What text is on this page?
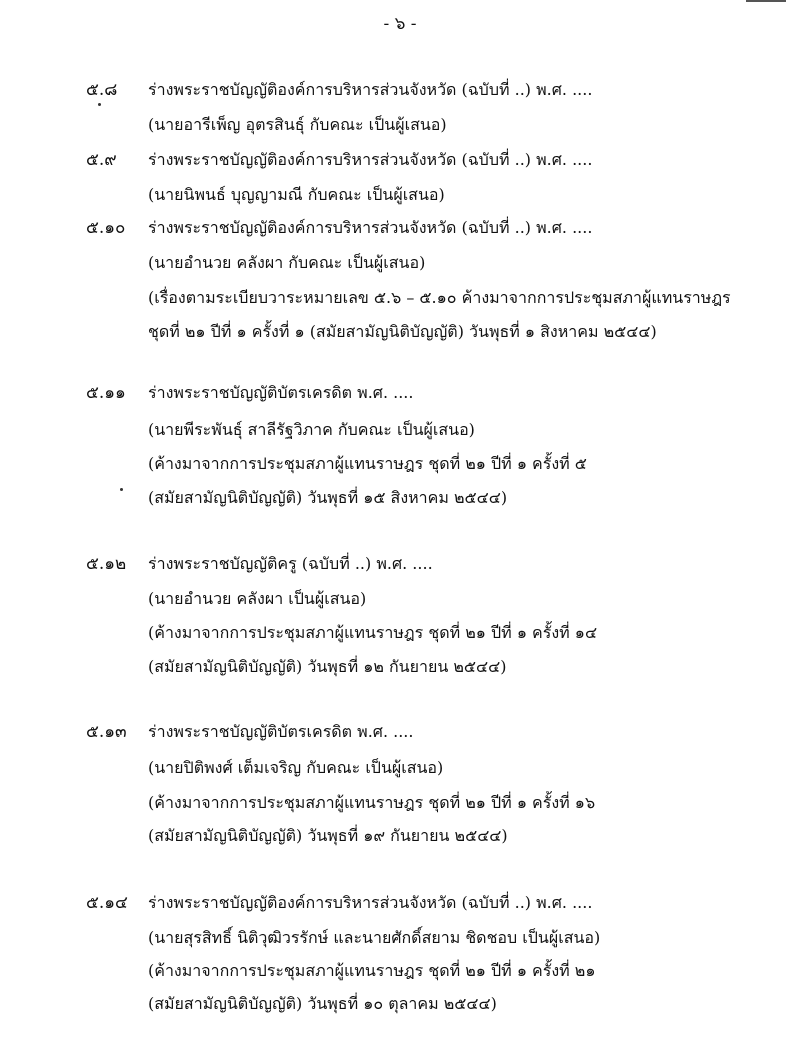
- ๖ -
๕.๘	ร่างพระราชบัญญัติองค์การบริหารส่วนจังหวัด (ฉบับที่ ..) พ.ศ. ....
(นายอารีเพ็ญ อุตรสินธุ์ กับคณะ เป็นผู้เสนอ)
๕.๙	ร่างพระราชบัญญัติองค์การบริหารส่วนจังหวัด (ฉบับที่ ..) พ.ศ. ....
(นายนิพนธ์ บุญญามณี กับคณะ เป็นผู้เสนอ)
๕.๑๐	ร่างพระราชบัญญัติองค์การบริหารส่วนจังหวัด (ฉบับที่ ..) พ.ศ. ....
(นายอำนวย คลังผา กับคณะ เป็นผู้เสนอ)
(เรื่องตามระเบียบวาระหมายเลข ๕.๖ – ๕.๑๐ ค้างมาจากการประชุมสภาผู้แทนราษฎร
ชุดที่ ๒๑ ปีที่ ๑ ครั้งที่ ๑ (สมัยสามัญนิติบัญญัติ) วันพุธที่ ๑ สิงหาคม ๒๕๔๔)
๕.๑๑	ร่างพระราชบัญญัติบัตรเครดิต พ.ศ. ....
(นายพีระพันธุ์ สาลีรัฐวิภาค กับคณะ เป็นผู้เสนอ)
(ค้างมาจากการประชุมสภาผู้แทนราษฎร ชุดที่ ๒๑ ปีที่ ๑ ครั้งที่ ๕
(สมัยสามัญนิติบัญญัติ) วันพุธที่ ๑๕ สิงหาคม ๒๕๔๔)
๕.๑๒	ร่างพระราชบัญญัติครู (ฉบับที่ ..) พ.ศ. ....
(นายอำนวย คลังผา เป็นผู้เสนอ)
(ค้างมาจากการประชุมสภาผู้แทนราษฎร ชุดที่ ๒๑ ปีที่ ๑ ครั้งที่ ๑๔
(สมัยสามัญนิติบัญญัติ) วันพุธที่ ๑๒ กันยายน ๒๕๔๔)
๕.๑๓	ร่างพระราชบัญญัติบัตรเครดิต พ.ศ. ....
(นายปิติพงศ์ เต็มเจริญ กับคณะ เป็นผู้เสนอ)
(ค้างมาจากการประชุมสภาผู้แทนราษฎร ชุดที่ ๒๑ ปีที่ ๑ ครั้งที่ ๑๖
(สมัยสามัญนิติบัญญัติ) วันพุธที่ ๑๙ กันยายน ๒๕๔๔)
๕.๑๔	ร่างพระราชบัญญัติองค์การบริหารส่วนจังหวัด (ฉบับที่ ..) พ.ศ. ....
(นายสุรสิทธิ์ นิติวุฒิวรรักษ์ และนายศักดิ์สยาม ชิดชอบ เป็นผู้เสนอ)
(ค้างมาจากการประชุมสภาผู้แทนราษฎร ชุดที่ ๒๑ ปีที่ ๑ ครั้งที่ ๒๑
(สมัยสามัญนิติบัญญัติ) วันพุธที่ ๑๐ ตุลาคม ๒๕๔๔)
